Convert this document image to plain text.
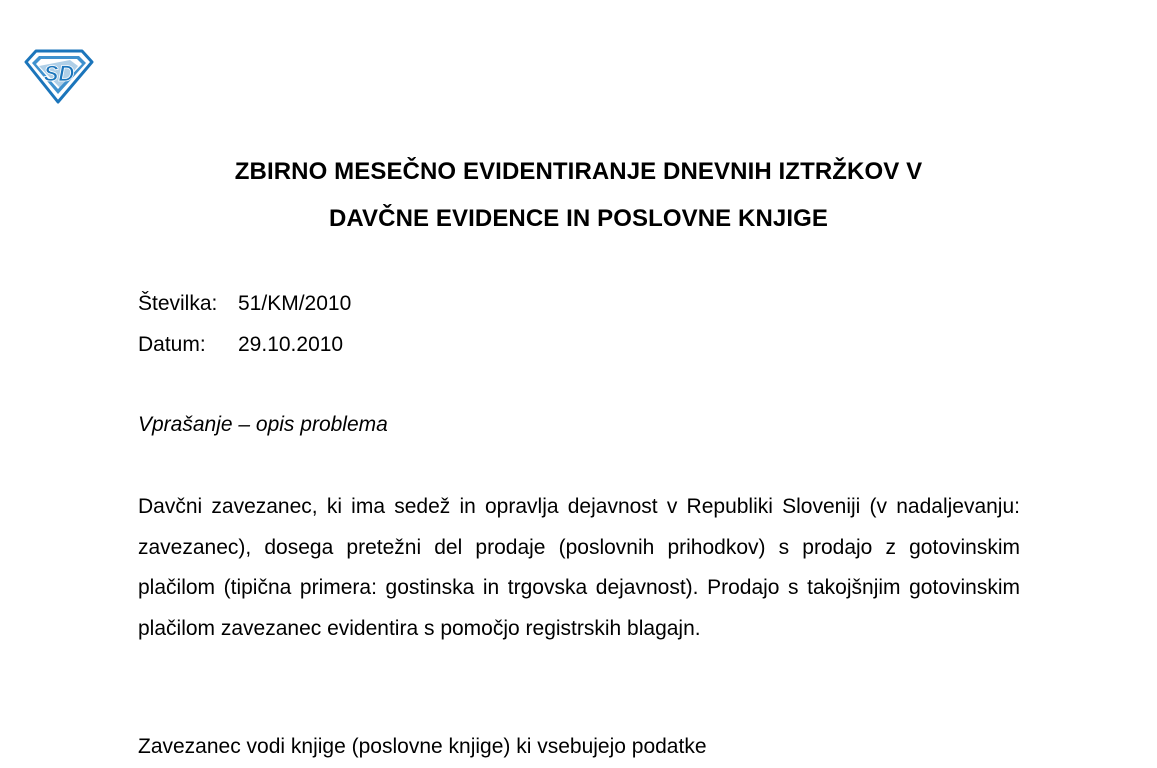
SD
ZBIRNO MESEČNO EVIDENTIRANJE DNEVNIH IZTRŽKOV V
DAVČNE EVIDENCE IN POSLOVNE KNJIGE
Številka: 51/KM/2010
Datum: 29.10.2010
Vprašanje – opis problema
Davčni zavezanec, ki ima sedež in opravlja dejavnost v Republiki Sloveniji (v nadaljevanju: zavezanec), dosega pretežni del prodaje (poslovnih prihodkov) s prodajo z gotovinskim plačilom (tipična primera: gostinska in trgovska dejavnost). Prodajo s takojšnjim gotovinskim plačilom zavezanec evidentira s pomočjo registrskih blagajn.
Zavezanec vodi knjige (poslovne knjige) ki vsebujejo podatke
